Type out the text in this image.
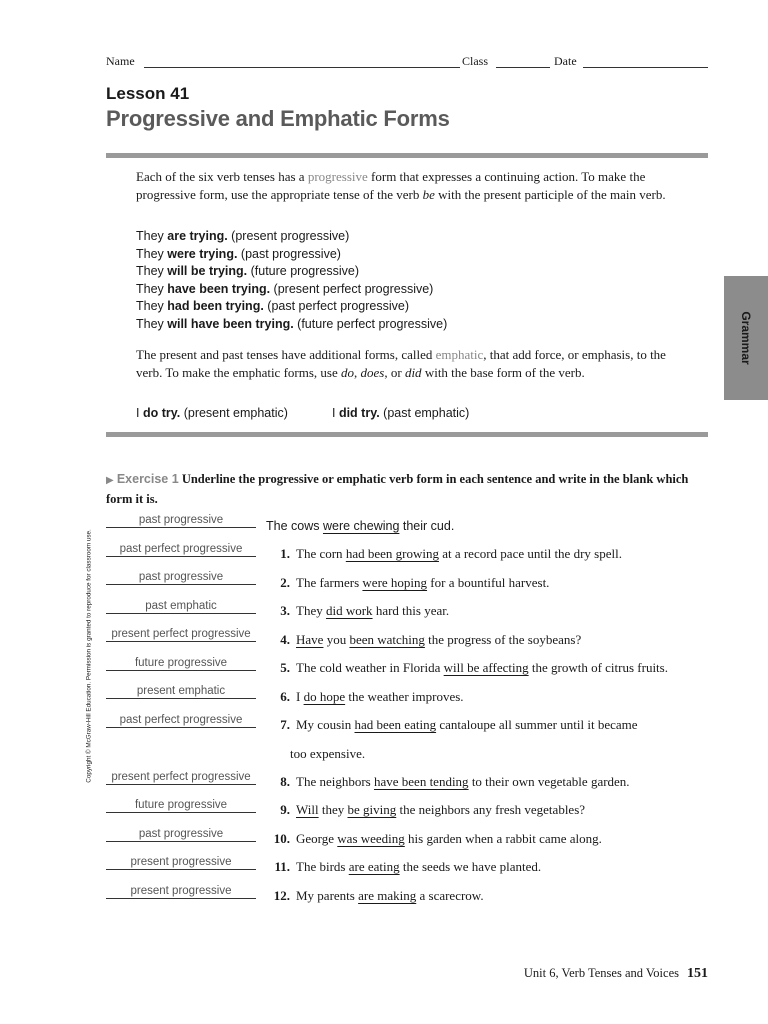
Name	Class	Date
Lesson 41
Progressive and Emphatic Forms

Each of the six verb tenses has a progressive form that expresses a continuing action. To make the progressive form, use the appropriate tense of the verb be with the present participle of the main verb.

They are trying. (present progressive)
They were trying. (past progressive)
They will be trying. (future progressive)
They have been trying. (present perfect progressive)
They had been trying. (past perfect progressive)
They will have been trying. (future perfect progressive)

The present and past tenses have additional forms, called emphatic, that add force, or emphasis, to the verb. To make the emphatic forms, use do, does, or did with the base form of the verb.

I do try. (present emphatic)	I did try. (past emphatic)
Grammar
Copyright © McGraw-Hill Education. Permission is granted to reproduce for classroom use.
▶ Exercise 1 Underline the progressive or emphatic verb form in each sentence and write in the blank which form it is.
past progressive	The cows were chewing their cud.
past perfect progressive	1. The corn had been growing at a record pace until the dry spell.
past progressive	2. The farmers were hoping for a bountiful harvest.
past emphatic	3. They did work hard this year.
present perfect progressive	4. Have you been watching the progress of the soybeans?
future progressive	5. The cold weather in Florida will be affecting the growth of citrus fruits.
present emphatic	6. I do hope the weather improves.
past perfect progressive	7. My cousin had been eating cantaloupe all summer until it became
too expensive.
present perfect progressive	8. The neighbors have been tending to their own vegetable garden.
future progressive	9. Will they be giving the neighbors any fresh vegetables?
past progressive	10. George was weeding his garden when a rabbit came along.
present progressive	11. The birds are eating the seeds we have planted.
present progressive	12. My parents are making a scarecrow.
Unit 6, Verb Tenses and Voices 151
